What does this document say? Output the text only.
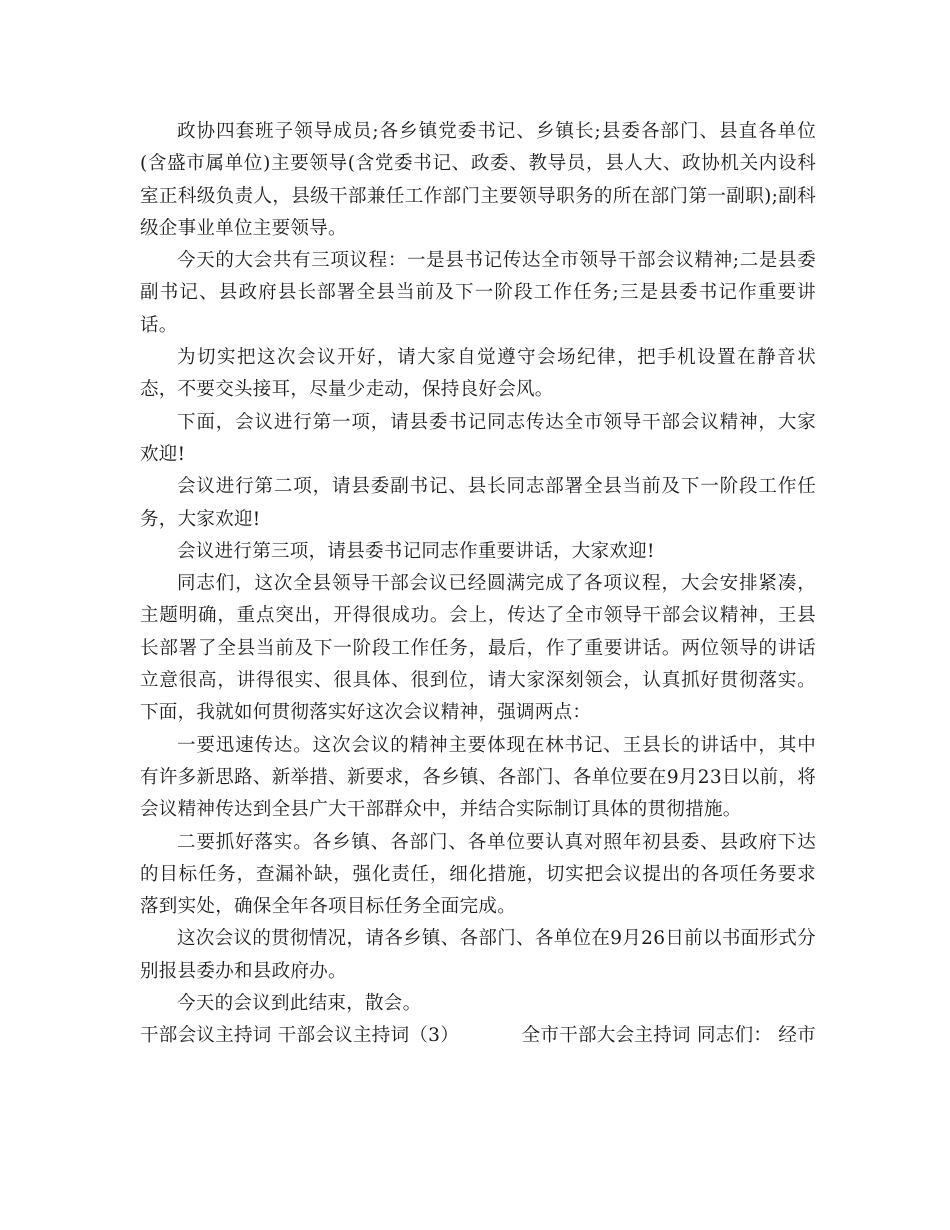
政协四套班子领导成员;各乡镇党委书记、乡镇长;县委各部门、县直各单位(含盛市属单位)主要领导(含党委书记、政委、教导员，县人大、政协机关内设科室正科级负责人，县级干部兼任工作部门主要领导职务的所在部门第一副职);副科级企事业单位主要领导。

今天的大会共有三项议程：一是县书记传达全市领导干部会议精神;二是县委副书记、县政府县长部署全县当前及下一阶段工作任务;三是县委书记作重要讲话。

为切实把这次会议开好，请大家自觉遵守会场纪律，把手机设置在静音状态，不要交头接耳，尽量少走动，保持良好会风。

下面，会议进行第一项，请县委书记同志传达全市领导干部会议精神，大家欢迎!

会议进行第二项，请县委副书记、县长同志部署全县当前及下一阶段工作任务，大家欢迎!

会议进行第三项，请县委书记同志作重要讲话，大家欢迎!

同志们，这次全县领导干部会议已经圆满完成了各项议程，大会安排紧凑，主题明确，重点突出，开得很成功。会上，传达了全市领导干部会议精神，王县长部署了全县当前及下一阶段工作任务，最后，作了重要讲话。两位领导的讲话立意很高，讲得很实、很具体、很到位，请大家深刻领会，认真抓好贯彻落实。下面，我就如何贯彻落实好这次会议精神，强调两点：

一要迅速传达。这次会议的精神主要体现在林书记、王县长的讲话中，其中有许多新思路、新举措、新要求，各乡镇、各部门、各单位要在9月23日以前，将会议精神传达到全县广大干部群众中，并结合实际制订具体的贯彻措施。

二要抓好落实。各乡镇、各部门、各单位要认真对照年初县委、县政府下达的目标任务，查漏补缺，强化责任，细化措施，切实把会议提出的各项任务要求落到实处，确保全年各项目标任务全面完成。

这次会议的贯彻情况，请各乡镇、各部门、各单位在9月26日前以书面形式分别报县委办和县政府办。

今天的会议到此结束，散会。

干部会议主持词 干部会议主持词（3）	全市干部大会主持词 同志们： 经市
